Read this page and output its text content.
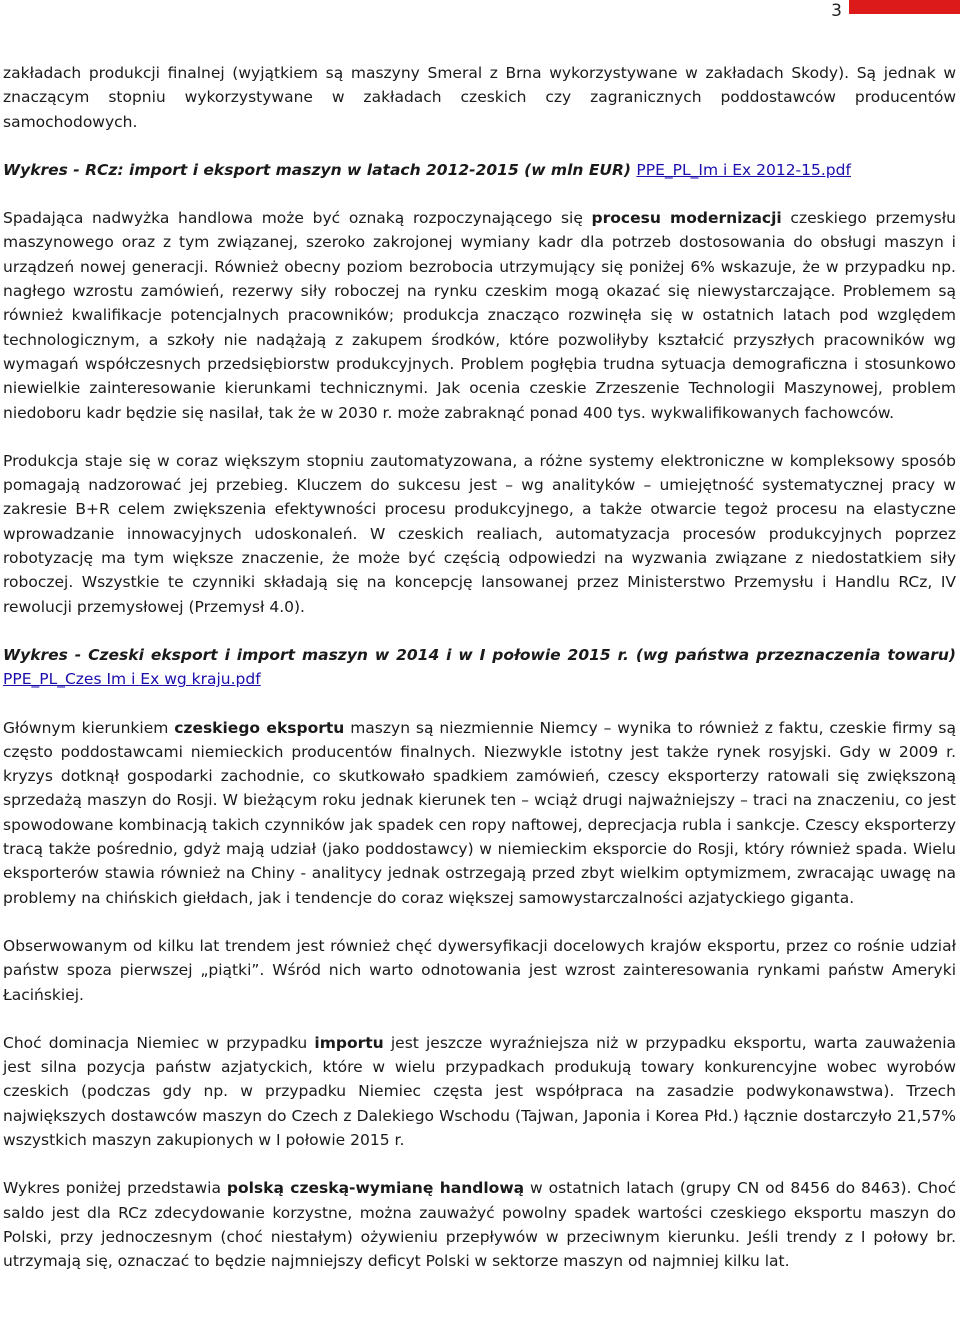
3

zakładach produkcji finalnej (wyjątkiem są maszyny Smeral z Brna wykorzystywane w zakładach Skody). Są jednak w znaczącym stopniu wykorzystywane w zakładach czeskich czy zagranicznych poddostawców producentów samochodowych.

Wykres - RCz: import i eksport maszyn w latach 2012-2015 (w mln EUR) PPE_PL_Im i Ex 2012-15.pdf

Spadająca nadwyżka handlowa może być oznaką rozpoczynającego się procesu modernizacji czeskiego przemysłu maszynowego oraz z tym związanej, szeroko zakrojonej wymiany kadr dla potrzeb dostosowania do obsługi maszyn i urządzeń nowej generacji. Również obecny poziom bezrobocia utrzymujący się poniżej 6% wskazuje, że w przypadku np. nagłego wzrostu zamówień, rezerwy siły roboczej na rynku czeskim mogą okazać się niewystarczające. Problemem są również kwalifikacje potencjalnych pracowników; produkcja znacząco rozwinęła się w ostatnich latach pod względem technologicznym, a szkoły nie nadążają z zakupem środków, które pozwoliłyby kształcić przyszłych pracowników wg wymagań współczesnych przedsiębiorstw produkcyjnych. Problem pogłębia trudna sytuacja demograficzna i stosunkowo niewielkie zainteresowanie kierunkami technicznymi. Jak ocenia czeskie Zrzeszenie Technologii Maszynowej, problem niedoboru kadr będzie się nasilał, tak że w 2030 r. może zabraknąć ponad 400 tys. wykwalifikowanych fachowców.

Produkcja staje się w coraz większym stopniu zautomatyzowana, a różne systemy elektroniczne w kompleksowy sposób pomagają nadzorować jej przebieg. Kluczem do sukcesu jest – wg analityków – umiejętność systematycznej pracy w zakresie B+R celem zwiększenia efektywności procesu produkcyjnego, a także otwarcie tegoż procesu na elastyczne wprowadzanie innowacyjnych udoskonaleń. W czeskich realiach, automatyzacja procesów produkcyjnych poprzez robotyzację ma tym większe znaczenie, że może być częścią odpowiedzi na wyzwania związane z niedostatkiem siły roboczej. Wszystkie te czynniki składają się na koncepcję lansowanej przez Ministerstwo Przemysłu i Handlu RCz, IV rewolucji przemysłowej (Przemysł 4.0).

Wykres - Czeski eksport i import maszyn w 2014 i w I połowie 2015 r. (wg państwa przeznaczenia towaru) PPE_PL_Czes Im i Ex wg kraju.pdf

Głównym kierunkiem czeskiego eksportu maszyn są niezmiennie Niemcy – wynika to również z faktu, czeskie firmy są często poddostawcami niemieckich producentów finalnych. Niezwykle istotny jest także rynek rosyjski. Gdy w 2009 r. kryzys dotknął gospodarki zachodnie, co skutkowało spadkiem zamówień, czescy eksporterzy ratowali się zwiększoną sprzedażą maszyn do Rosji. W bieżącym roku jednak kierunek ten – wciąż drugi najważniejszy – traci na znaczeniu, co jest spowodowane kombinacją takich czynników jak spadek cen ropy naftowej, deprecjacja rubla i sankcje. Czescy eksporterzy tracą także pośrednio, gdyż mają udział (jako poddostawcy) w niemieckim eksporcie do Rosji, który również spada. Wielu eksporterów stawia również na Chiny - analitycy jednak ostrzegają przed zbyt wielkim optymizmem, zwracając uwagę na problemy na chińskich giełdach, jak i tendencje do coraz większej samowystarczalności azjatyckiego giganta.

Obserwowanym od kilku lat trendem jest również chęć dywersyfikacji docelowych krajów eksportu, przez co rośnie udział państw spoza pierwszej „piątki”. Wśród nich warto odnotowania jest wzrost zainteresowania rynkami państw Ameryki Łacińskiej.

Choć dominacja Niemiec w przypadku importu jest jeszcze wyraźniejsza niż w przypadku eksportu, warta zauważenia jest silna pozycja państw azjatyckich, które w wielu przypadkach produkują towary konkurencyjne wobec wyrobów czeskich (podczas gdy np. w przypadku Niemiec częsta jest współpraca na zasadzie podwykonawstwa). Trzech największych dostawców maszyn do Czech z Dalekiego Wschodu (Tajwan, Japonia i Korea Płd.) łącznie dostarczyło 21,57% wszystkich maszyn zakupionych w I połowie 2015 r.

Wykres poniżej przedstawia polską czeską-wymianę handlową w ostatnich latach (grupy CN od 8456 do 8463). Choć saldo jest dla RCz zdecydowanie korzystne, można zauważyć powolny spadek wartości czeskiego eksportu maszyn do Polski, przy jednoczesnym (choć niestałym) ożywieniu przepływów w przeciwnym kierunku. Jeśli trendy z I połowy br. utrzymają się, oznaczać to będzie najmniejszy deficyt Polski w sektorze maszyn od najmniej kilku lat.
